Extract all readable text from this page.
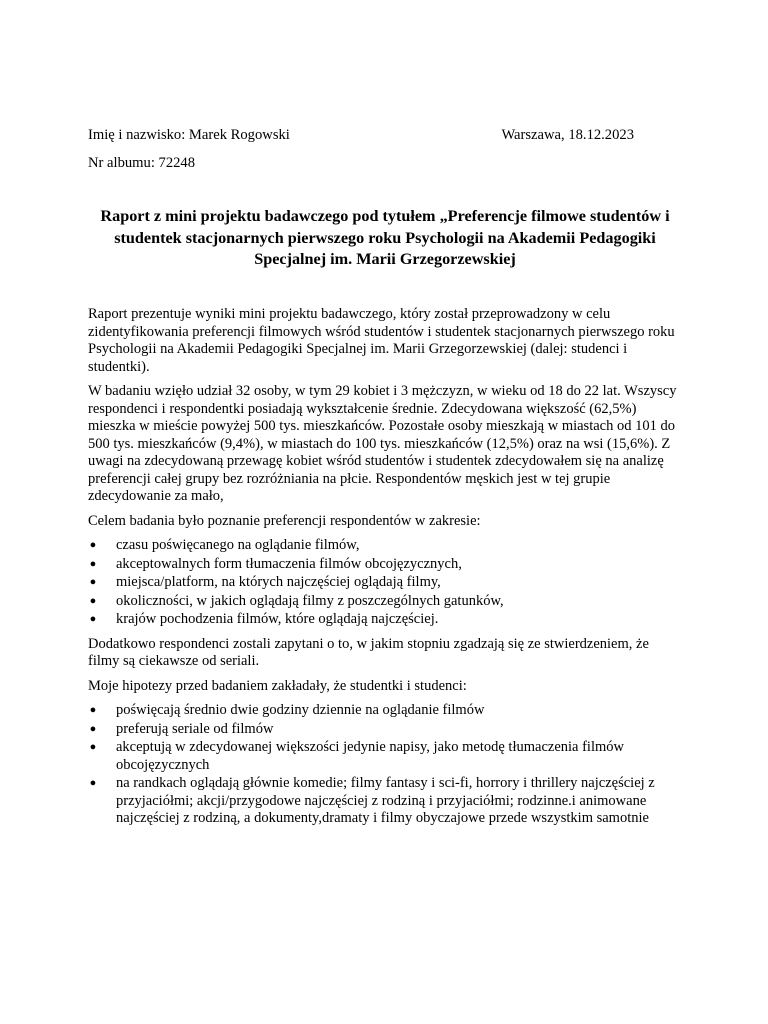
Imię i nazwisko: Marek Rogowski	Warszawa, 18.12.2023
Nr albumu: 72248
Raport z mini projektu badawczego pod tytułem „Preferencje filmowe studentów i studentek stacjonarnych pierwszego roku Psychologii na Akademii Pedagogiki Specjalnej im. Marii Grzegorzewskiej

Raport prezentuje wyniki mini projektu badawczego, który został przeprowadzony w celu zidentyfikowania preferencji filmowych wśród studentów i studentek stacjonarnych pierwszego roku Psychologii na Akademii Pedagogiki Specjalnej im. Marii Grzegorzewskiej (dalej: studenci i studentki).

W badaniu wzięło udział 32 osoby, w tym 29 kobiet i 3 mężczyzn, w wieku od 18 do 22 lat. Wszyscy respondenci i respondentki posiadają wykształcenie średnie. Zdecydowana większość (62,5%) mieszka w mieście powyżej 500 tys. mieszkańców. Pozostałe osoby mieszkają w miastach od 101 do 500 tys. mieszkańców (9,4%), w miastach do 100 tys. mieszkańców (12,5%) oraz na wsi (15,6%). Z uwagi na zdecydowaną przewagę kobiet wśród studentów i studentek zdecydowałem się na analizę preferencji całej grupy bez rozróżniania na płcie. Respondentów męskich jest w tej grupie zdecydowanie za mało,

Celem badania było poznanie preferencji respondentów w zakresie:

● czasu poświęcanego na oglądanie filmów,
● akceptowalnych form tłumaczenia filmów obcojęzycznych,
● miejsca/platform, na których najczęściej oglądają filmy,
● okoliczności, w jakich oglądają filmy z poszczególnych gatunków,
● krajów pochodzenia filmów, które oglądają najczęściej.

Dodatkowo respondenci zostali zapytani o to, w jakim stopniu zgadzają się ze stwierdzeniem, że filmy są ciekawsze od seriali.

Moje hipotezy przed badaniem zakładały, że studentki i studenci:

● poświęcają średnio dwie godziny dziennie na oglądanie filmów
● preferują seriale od filmów
● akceptują w zdecydowanej większości jedynie napisy, jako metodę tłumaczenia filmów obcojęzycznych
● na randkach oglądają głównie komedie; filmy fantasy i sci-fi, horrory i thrillery najczęściej z przyjaciółmi; akcji/przygodowe najczęściej z rodziną i przyjaciółmi; rodzinne.i animowane najczęściej z rodziną, a dokumenty,dramaty i filmy obyczajowe przede wszystkim samotnie
